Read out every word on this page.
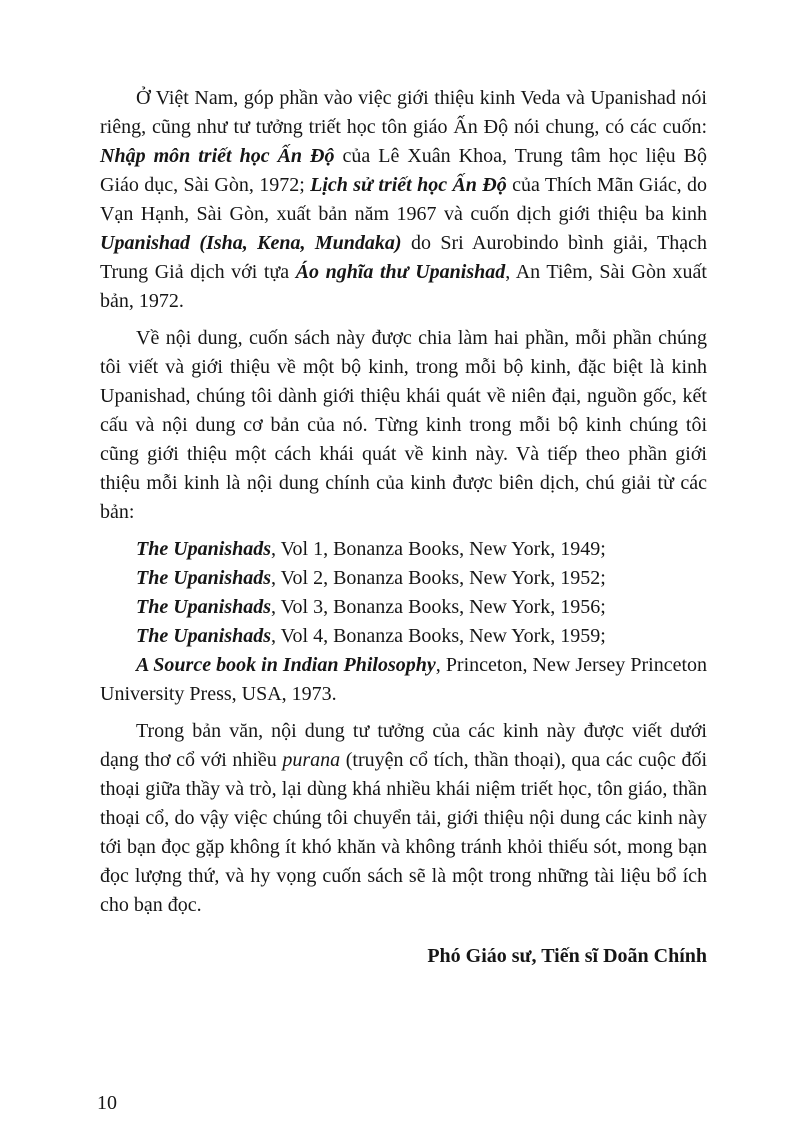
Ở Việt Nam, góp phần vào việc giới thiệu kinh Veda và Upanishad nói riêng, cũng như tư tưởng triết học tôn giáo Ấn Độ nói chung, có các cuốn: Nhập môn triết học Ấn Độ của Lê Xuân Khoa, Trung tâm học liệu Bộ Giáo dục, Sài Gòn, 1972; Lịch sử triết học Ấn Độ của Thích Mãn Giác, do Vạn Hạnh, Sài Gòn, xuất bản năm 1967 và cuốn dịch giới thiệu ba kinh Upanishad (Isha, Kena, Mundaka) do Sri Aurobindo bình giải, Thạch Trung Giả dịch với tựa Áo nghĩa thư Upanishad, An Tiêm, Sài Gòn xuất bản, 1972.

Về nội dung, cuốn sách này được chia làm hai phần, mỗi phần chúng tôi viết và giới thiệu về một bộ kinh, trong mỗi bộ kinh, đặc biệt là kinh Upanishad, chúng tôi dành giới thiệu khái quát về niên đại, nguồn gốc, kết cấu và nội dung cơ bản của nó. Từng kinh trong mỗi bộ kinh chúng tôi cũng giới thiệu một cách khái quát về kinh này. Và tiếp theo phần giới thiệu mỗi kinh là nội dung chính của kinh được biên dịch, chú giải từ các bản:

The Upanishads, Vol 1, Bonanza Books, New York, 1949;

The Upanishads, Vol 2, Bonanza Books, New York, 1952;

The Upanishads, Vol 3, Bonanza Books, New York, 1956;

The Upanishads, Vol 4, Bonanza Books, New York, 1959;

A Source book in Indian Philosophy, Princeton, New Jersey Princeton University Press, USA, 1973.

Trong bản văn, nội dung tư tưởng của các kinh này được viết dưới dạng thơ cổ với nhiều purana (truyện cổ tích, thần thoại), qua các cuộc đối thoại giữa thầy và trò, lại dùng khá nhiều khái niệm triết học, tôn giáo, thần thoại cổ, do vậy việc chúng tôi chuyển tải, giới thiệu nội dung các kinh này tới bạn đọc gặp không ít khó khăn và không tránh khỏi thiếu sót, mong bạn đọc lượng thứ, và hy vọng cuốn sách sẽ là một trong những tài liệu bổ ích cho bạn đọc.

Phó Giáo sư, Tiến sĩ Doãn Chính

10
